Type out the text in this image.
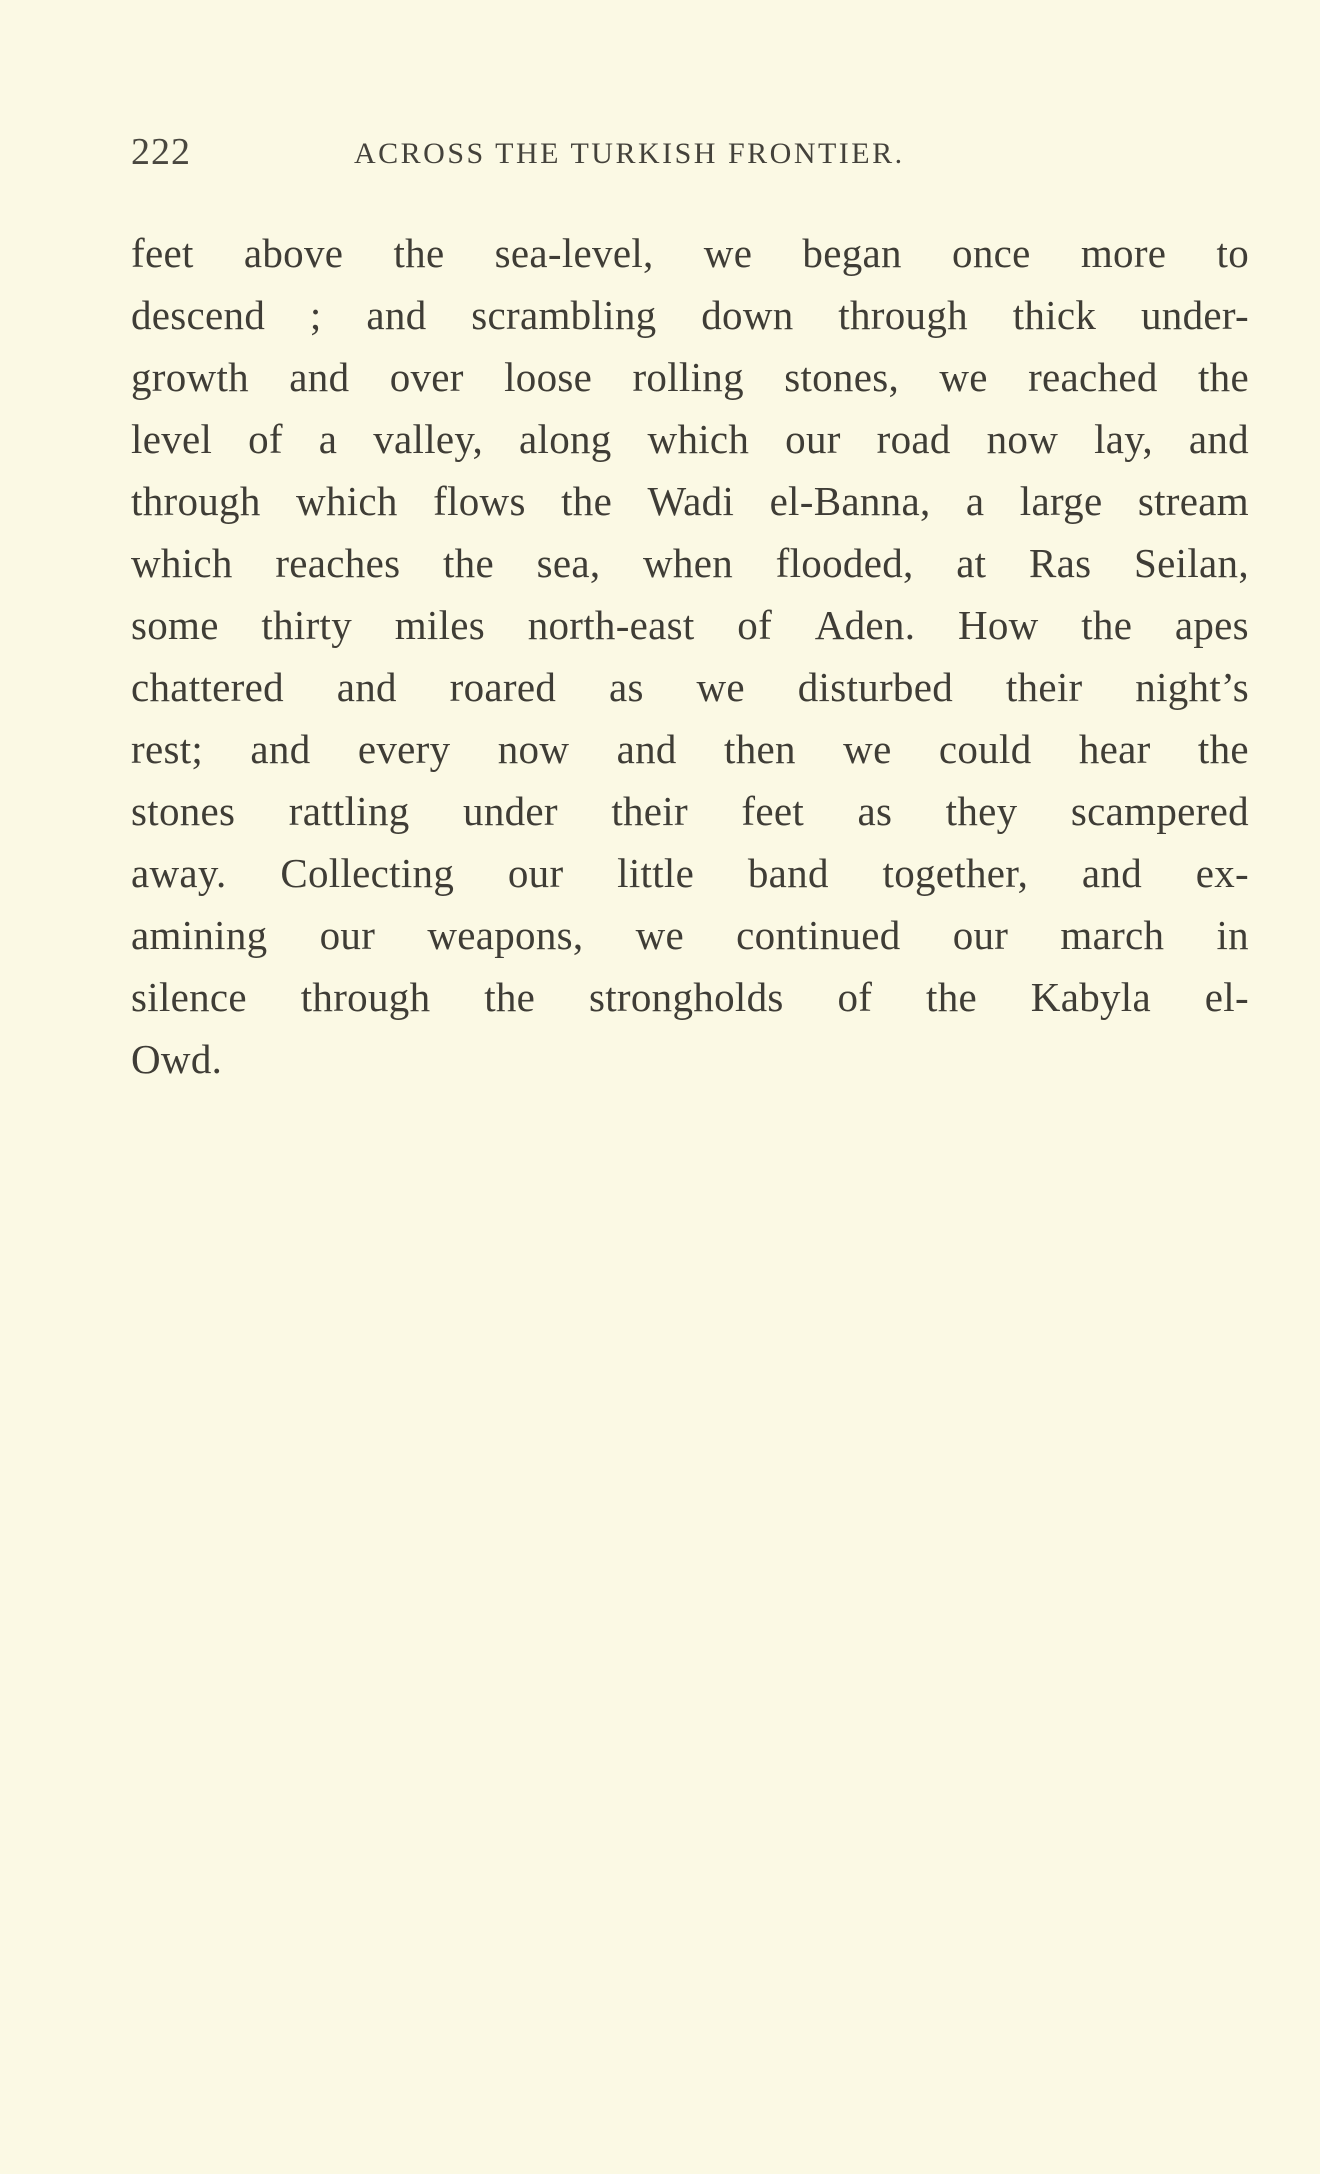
222	ACROSS THE TURKISH FRONTIER.
feet above the sea-level, we began once more to
descend ; and scrambling down through thick under-
growth and over loose rolling stones, we reached the
level of a valley, along which our road now lay, and
through which flows the Wadi el-Banna, a large stream
which reaches the sea, when flooded, at Ras Seilan,
some thirty miles north-east of Aden. How the apes
chattered and roared as we disturbed their night’s
rest; and every now and then we could hear the
stones rattling under their feet as they scampered
away. Collecting our little band together, and ex-
amining our weapons, we continued our march in
silence through the strongholds of the Kabyla el-
Owd.
